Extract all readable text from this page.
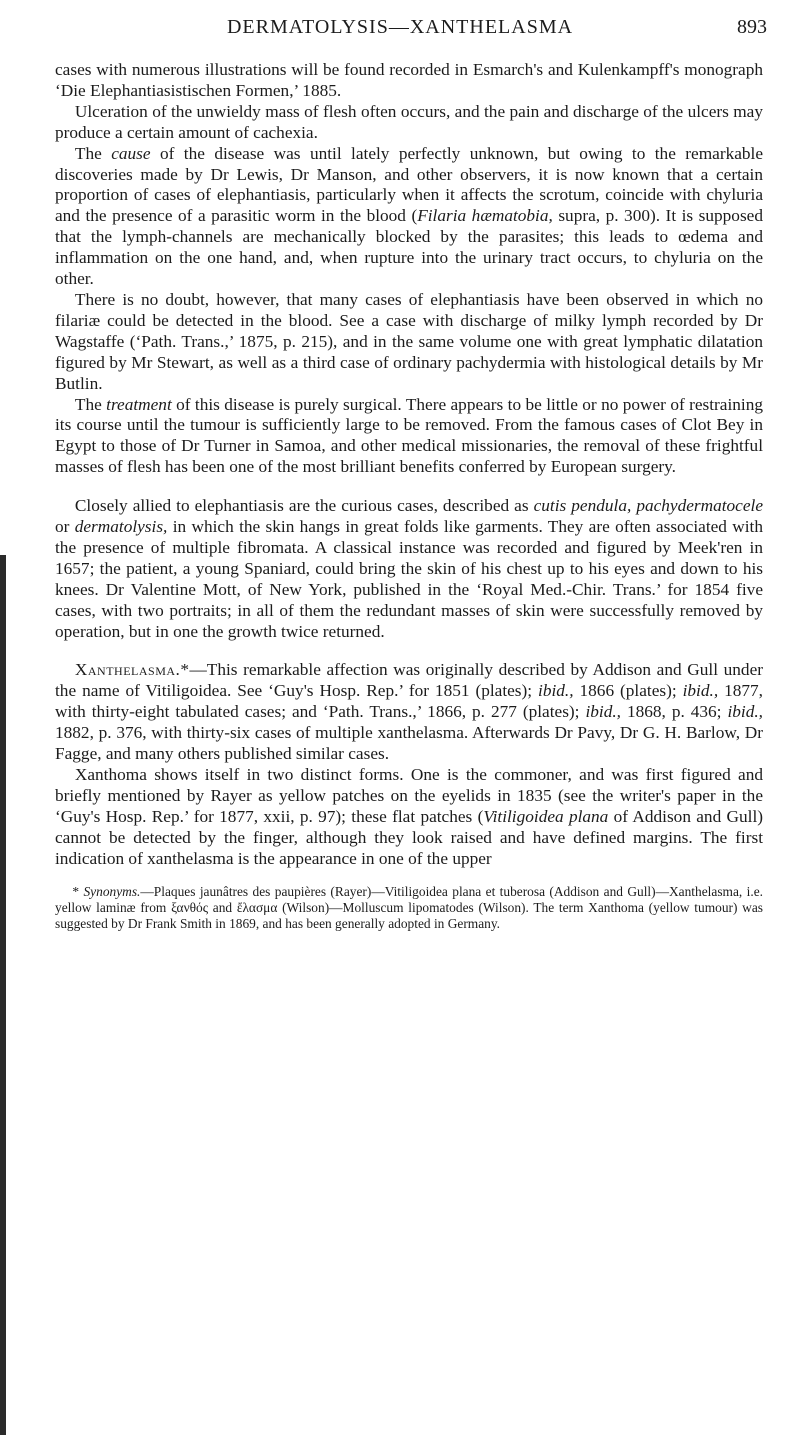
DERMATOLYSIS—XANTHELASMA	893

cases with numerous illustrations will be found recorded in Esmarch's and Kulenkampff's monograph ‘Die Elephantiasistischen Formen,’ 1885.

Ulceration of the unwieldy mass of flesh often occurs, and the pain and discharge of the ulcers may produce a certain amount of cachexia.

The cause of the disease was until lately perfectly unknown, but owing to the remarkable discoveries made by Dr Lewis, Dr Manson, and other observers, it is now known that a certain proportion of cases of elephantiasis, particularly when it affects the scrotum, coincide with chyluria and the presence of a parasitic worm in the blood (Filaria hæmatobia, supra, p. 300). It is supposed that the lymph-channels are mechanically blocked by the parasites; this leads to œdema and inflammation on the one hand, and, when rupture into the urinary tract occurs, to chyluria on the other.

There is no doubt, however, that many cases of elephantiasis have been observed in which no filariæ could be detected in the blood. See a case with discharge of milky lymph recorded by Dr Wagstaffe (‘Path. Trans.,’ 1875, p. 215), and in the same volume one with great lymphatic dilatation figured by Mr Stewart, as well as a third case of ordinary pachydermia with histological details by Mr Butlin.

The treatment of this disease is purely surgical. There appears to be little or no power of restraining its course until the tumour is sufficiently large to be removed. From the famous cases of Clot Bey in Egypt to those of Dr Turner in Samoa, and other medical missionaries, the removal of these frightful masses of flesh has been one of the most brilliant benefits conferred by European surgery.

Closely allied to elephantiasis are the curious cases, described as cutis pendula, pachydermatocele or dermatolysis, in which the skin hangs in great folds like garments. They are often associated with the presence of multiple fibromata. A classical instance was recorded and figured by Meek'ren in 1657; the patient, a young Spaniard, could bring the skin of his chest up to his eyes and down to his knees. Dr Valentine Mott, of New York, published in the ‘Royal Med.-Chir. Trans.’ for 1854 five cases, with two portraits; in all of them the redundant masses of skin were successfully removed by operation, but in one the growth twice returned.

Xanthelasma.*—This remarkable affection was originally described by Addison and Gull under the name of Vitiligoidea. See ‘Guy's Hosp. Rep.’ for 1851 (plates); ibid., 1866 (plates); ibid., 1877, with thirty-eight tabulated cases; and ‘Path. Trans.,’ 1866, p. 277 (plates); ibid., 1868, p. 436; ibid., 1882, p. 376, with thirty-six cases of multiple xanthelasma. Afterwards Dr Pavy, Dr G. H. Barlow, Dr Fagge, and many others published similar cases.

Xanthoma shows itself in two distinct forms. One is the commoner, and was first figured and briefly mentioned by Rayer as yellow patches on the eyelids in 1835 (see the writer's paper in the ‘Guy's Hosp. Rep.’ for 1877, xxii, p. 97); these flat patches (Vitiligoidea plana of Addison and Gull) cannot be detected by the finger, although they look raised and have defined margins. The first indication of xanthelasma is the appearance in one of the upper

* Synonyms.—Plaques jaunâtres des paupières (Rayer)—Vitiligoidea plana et tuberosa (Addison and Gull)—Xanthelasma, i.e. yellow laminæ from ξανθός and ἔλασμα (Wilson)—Molluscum lipomatodes (Wilson). The term Xanthoma (yellow tumour) was suggested by Dr Frank Smith in 1869, and has been generally adopted in Germany.
